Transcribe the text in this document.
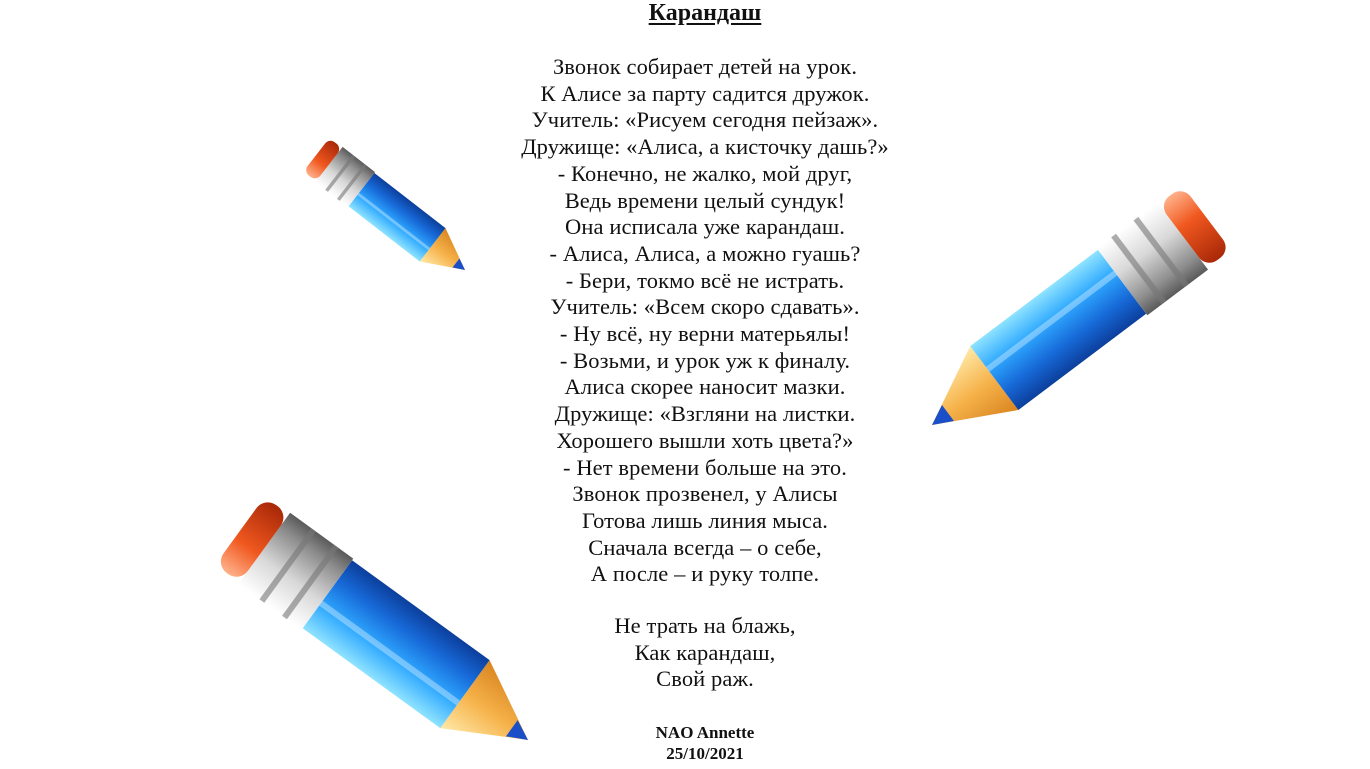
Карандаш
Звонок собирает детей на урок.
К Алисе за парту садится дружок.
Учитель: «Рисуем сегодня пейзаж».
Дружище: «Алиса, а кисточку дашь?»
- Конечно, не жалко, мой друг,
Ведь времени целый сундук!
Она исписала уже карандаш.
- Алиса, Алиса, а можно гуашь?
- Бери, токмо всё не истрать.
Учитель: «Всем скоро сдавать».
- Ну всё, ну верни матерьялы!
- Возьми, и урок уж к финалу.
Алиса скорее наносит мазки.
Дружище: «Взгляни на листки.
Хорошего вышли хоть цвета?»
- Нет времени больше на это.
Звонок прозвенел, у Алисы
Готова лишь линия мыса.
Сначала всегда – о себе,
А после – и руку толпе.
Не трать на блажь,
Как карандаш,
Свой раж.
NAO Annette
25/10/2021
